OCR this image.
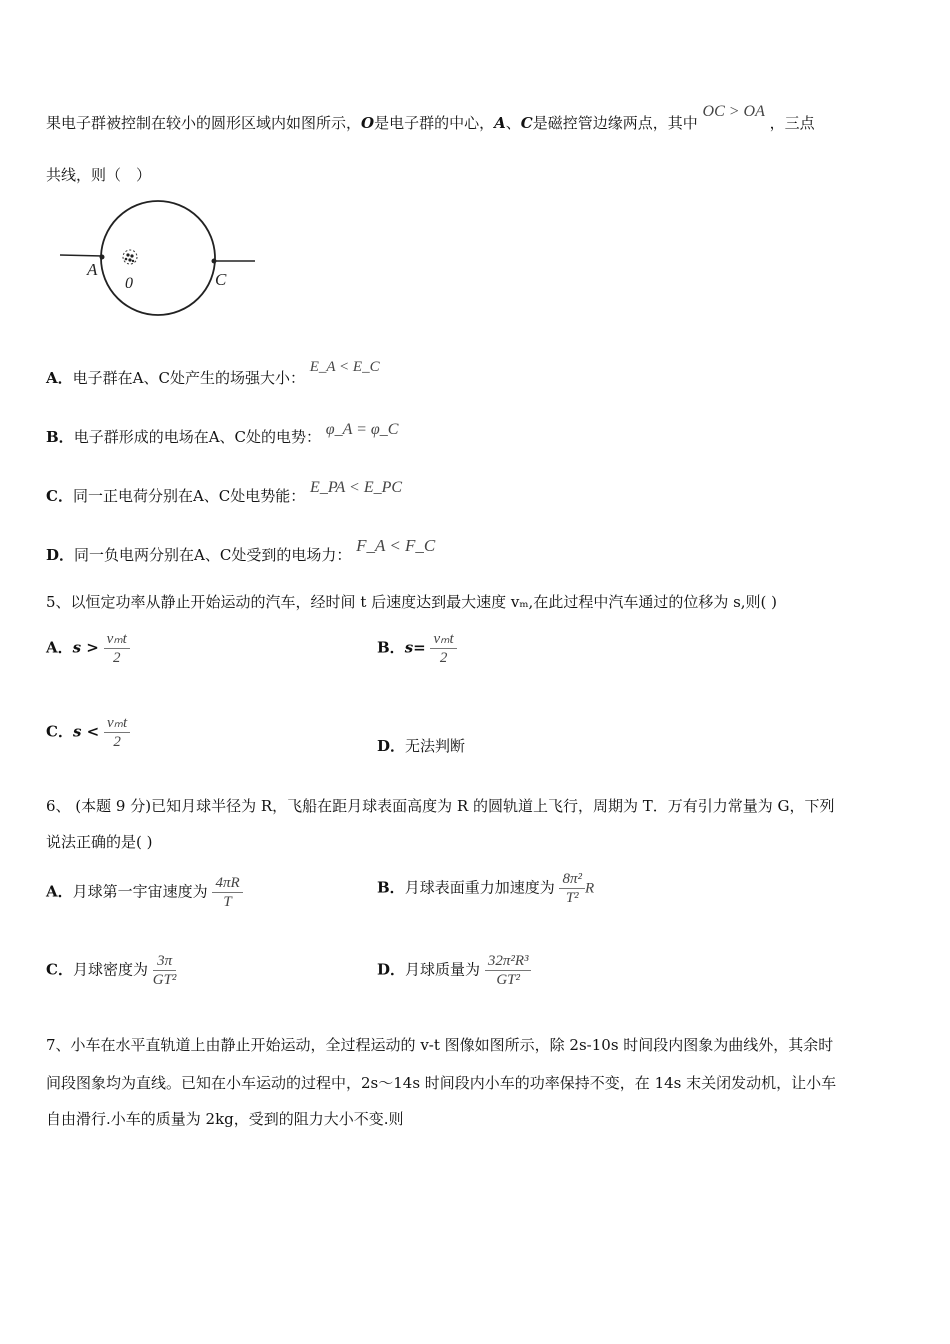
果电子群被控制在较小的圆形区域内如图所示，O是电子群的中心，A、C是磁控管边缘两点，其中 OC > OA ，三点
共线，则（　）
A
0	C
A．电子群在A、C处产生的场强大小： E_A < E_C
B．电子群形成的电场在A、C处的电势： φ_A = φ_C
C．同一正电荷分别在A、C处电势能： E_PA < E_PC
D．同一负电两分别在A、C处受到的电场力： F_A < F_C
5、以恒定功率从静止开始运动的汽车，经时间 t 后速度达到最大速度 vₘ,在此过程中汽车通过的位移为 s,则( )
A．$s > \frac{\text{vₘt}}{2}$	B．$s= \frac{\text{vₘt}}{2}$
C．$s < \frac{\text{vₘt}}{2}$	D．无法判断
6、 (本题 9 分)已知月球半径为 R，飞船在距月球表面高度为 R 的圆轨道上飞行，周期为 T．万有引力常量为 G，下列
说法正确的是( )
A．月球第一宇宙速度为 $\frac{4\pi R}{T}$	B．月球表面重力加速度为 $\frac{\text{8π²}}{\text{T²}}$ R
C．月球密度为 $\frac{3\pi}{\text{GT²}}$	D．月球质量为 $\frac{\text{32π²R³}}{\text{GT²}}$
7、小车在水平直轨道上由静止开始运动，全过程运动的 v-t 图像如图所示，除 2s-10s 时间段内图象为曲线外，其余时
间段图象均为直线。已知在小车运动的过程中，2s～14s 时间段内小车的功率保持不变，在 14s 末关闭发动机，让小车
自由滑行.小车的质量为 2kg，受到的阻力大小不变.则
